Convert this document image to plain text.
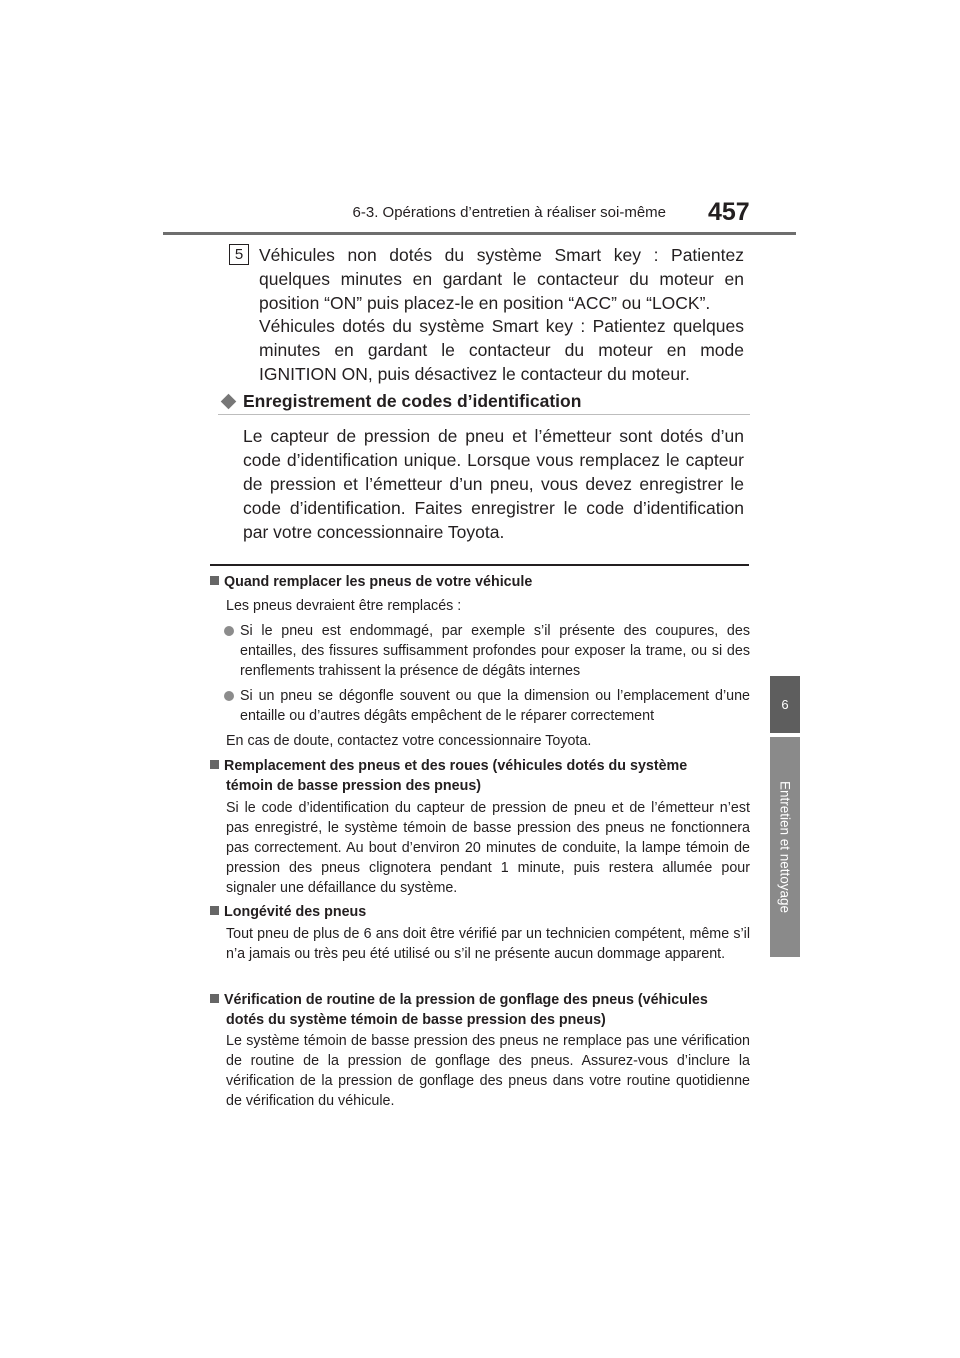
6-3. Opérations d’entretien à réaliser soi-même 457
6
Entretien et nettoyage
5 Véhicules non dotés du système Smart key : Patientez quelques minutes en gardant le contacteur du moteur en position “ON” puis placez-le en position “ACC” ou “LOCK”.

Véhicules dotés du système Smart key : Patientez quelques minutes en gardant le contacteur du moteur en mode IGNITION ON, puis désactivez le contacteur du moteur.

Enregistrement de codes d’identification

Le capteur de pression de pneu et l’émetteur sont dotés d’un code d’identification unique. Lorsque vous remplacez le capteur de pression et l’émetteur d’un pneu, vous devez enregistrer le code d’identification. Faites enregistrer le code d’identification par votre concessionnaire Toyota.

Quand remplacer les pneus de votre véhicule

Les pneus devraient être remplacés :

Si le pneu est endommagé, par exemple s’il présente des coupures, des entailles, des fissures suffisamment profondes pour exposer la trame, ou si des renflements trahissent la présence de dégâts internes

Si un pneu se dégonfle souvent ou que la dimension ou l’emplacement d’une entaille ou d’autres dégâts empêchent de le réparer correctement

En cas de doute, contactez votre concessionnaire Toyota.

Remplacement des pneus et des roues (véhicules dotés du système
témoin de basse pression des pneus)

Si le code d’identification du capteur de pression de pneu et de l’émetteur n’est pas enregistré, le système témoin de basse pression des pneus ne fonctionnera pas correctement. Au bout d’environ 20 minutes de conduite, la lampe témoin de pression des pneus clignotera pendant 1 minute, puis restera allumée pour signaler une défaillance du système.

Longévité des pneus

Tout pneu de plus de 6 ans doit être vérifié par un technicien compétent, même s’il n’a jamais ou très peu été utilisé ou s’il ne présente aucun dommage apparent.

Vérification de routine de la pression de gonflage des pneus (véhicules
dotés du système témoin de basse pression des pneus)

Le système témoin de basse pression des pneus ne remplace pas une vérification de routine de la pression de gonflage des pneus. Assurez-vous d’inclure la vérification de la pression de gonflage des pneus dans votre routine quotidienne de vérification du véhicule.
